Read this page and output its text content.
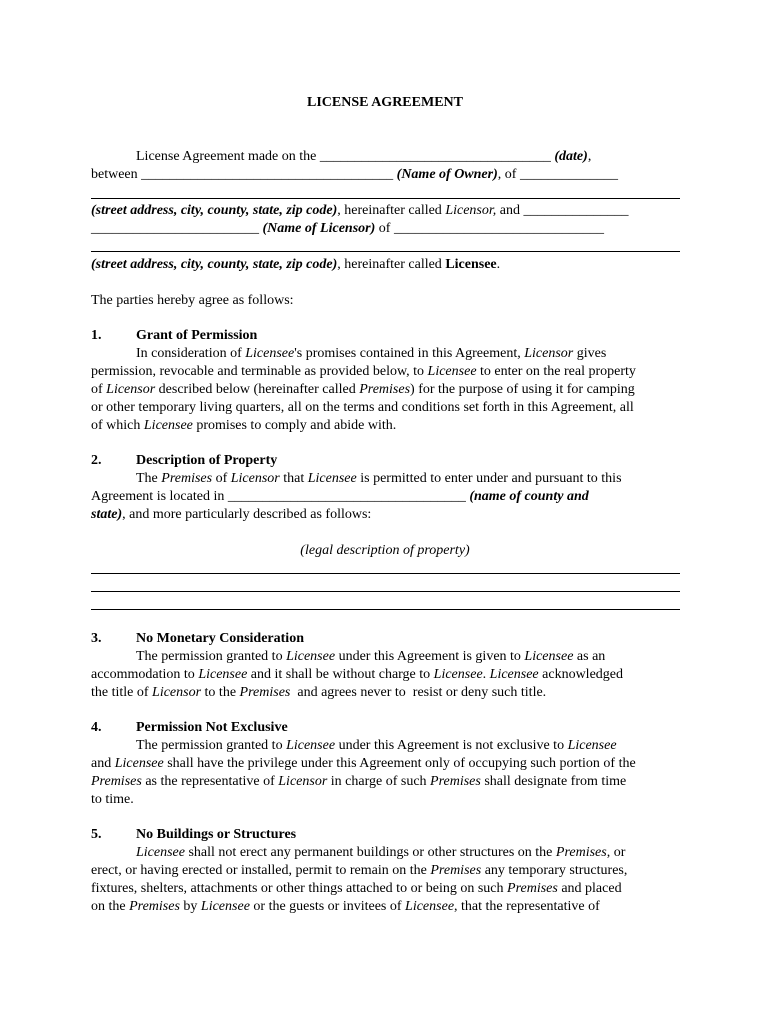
LICENSE AGREEMENT
License Agreement made on the _________________________________ (date),
between ____________________________________ (Name of Owner), of ______________
(street address, city, county, state, zip code), hereinafter called Licensor, and _______________
________________________ (Name of Licensor) of ______________________________
(street address, city, county, state, zip code), hereinafter called Licensee.
The parties hereby agree as follows:
1. Grant of Permission
In consideration of Licensee's promises contained in this Agreement, Licensor gives
permission, revocable and terminable as provided below, to Licensee to enter on the real property
of Licensor described below (hereinafter called Premises) for the purpose of using it for camping
or other temporary living quarters, all on the terms and conditions set forth in this Agreement, all
of which Licensee promises to comply and abide with.
2. Description of Property
The Premises of Licensor that Licensee is permitted to enter under and pursuant to this
Agreement is located in __________________________________ (name of county and
state), and more particularly described as follows:
(legal description of property)
3. No Monetary Consideration
The permission granted to Licensee under this Agreement is given to Licensee as an
accommodation to Licensee and it shall be without charge to Licensee. Licensee acknowledged
the title of Licensor to the Premises  and agrees never to  resist or deny such title.
4. Permission Not Exclusive
The permission granted to Licensee under this Agreement is not exclusive to Licensee
and Licensee shall have the privilege under this Agreement only of occupying such portion of the
Premises as the representative of Licensor in charge of such Premises shall designate from time
to time.
5. No Buildings or Structures
Licensee shall not erect any permanent buildings or other structures on the Premises, or
erect, or having erected or installed, permit to remain on the Premises any temporary structures,
fixtures, shelters, attachments or other things attached to or being on such Premises and placed
on the Premises by Licensee or the guests or invitees of Licensee, that the representative of
